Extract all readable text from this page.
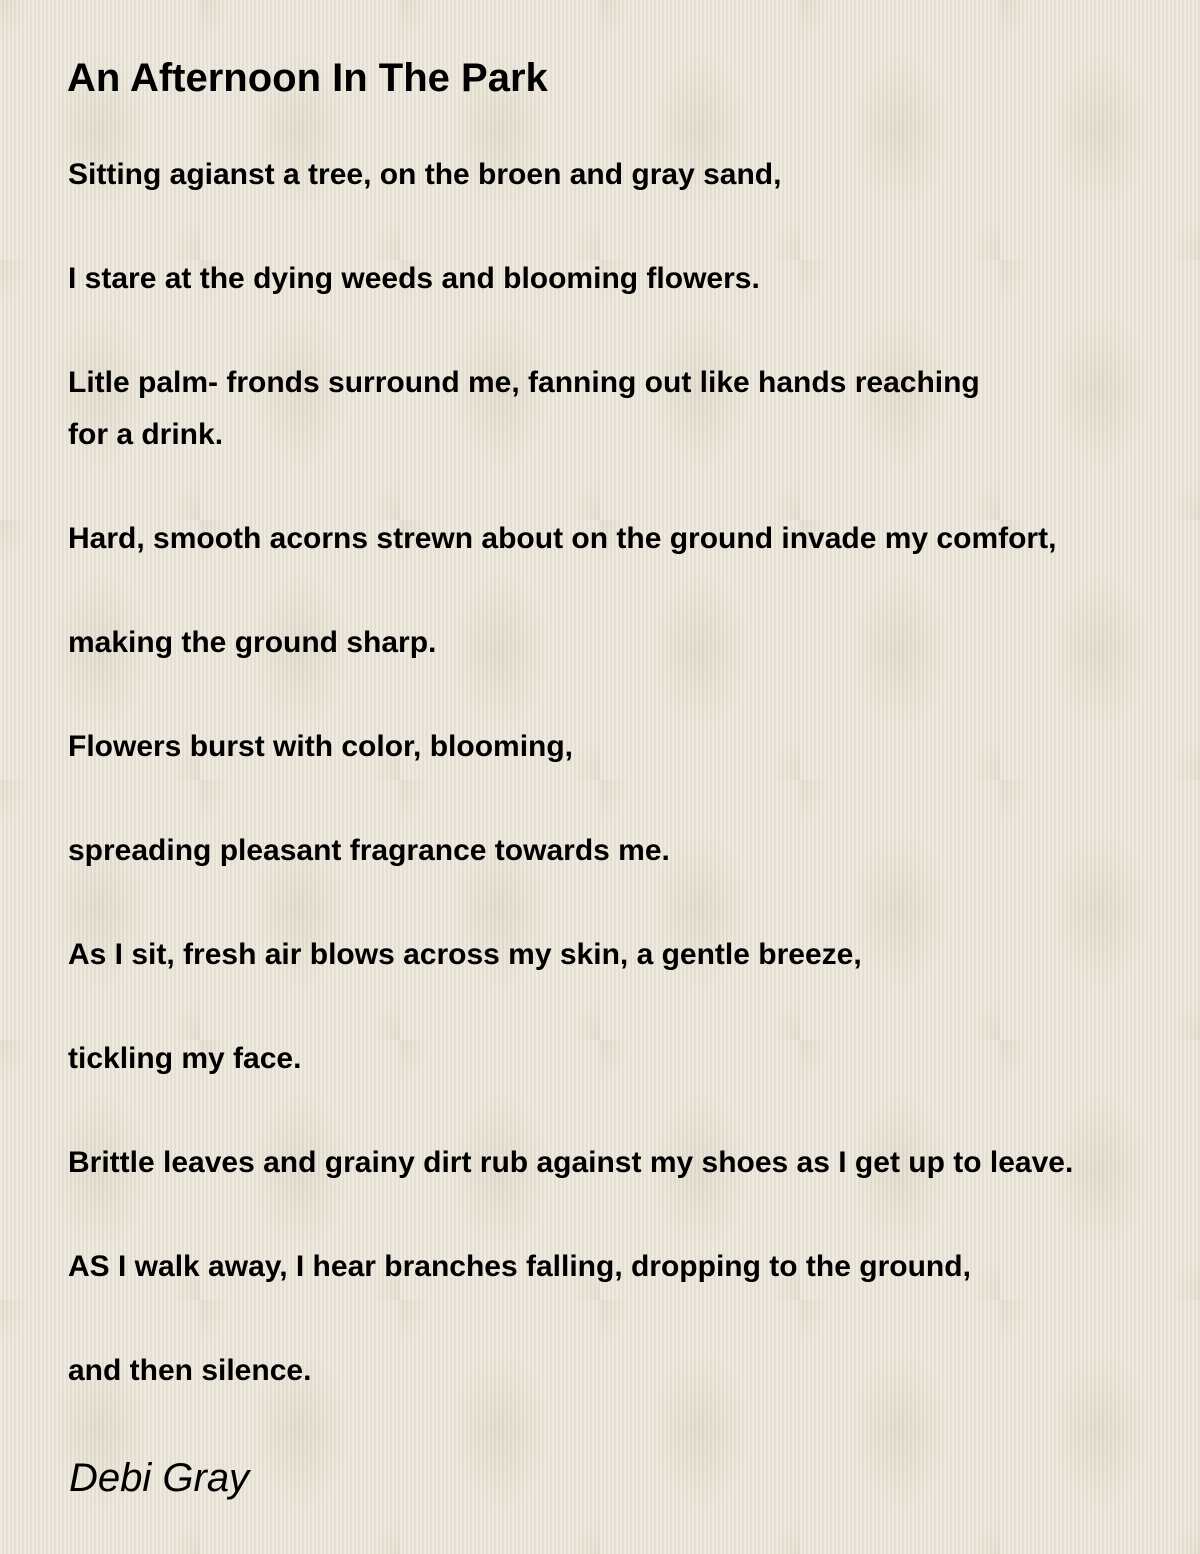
An Afternoon In The Park

Sitting agianst a tree, on the broen and gray sand,

I stare at the dying weeds and blooming flowers.

Litle palm- fronds surround me, fanning out like hands reaching

for a drink.

Hard, smooth acorns strewn about on the ground invade my comfort,

making the ground sharp.

Flowers burst with color, blooming,

spreading pleasant fragrance towards me.

As I sit, fresh air blows across my skin, a gentle breeze,

tickling my face.

Brittle leaves and grainy dirt rub against my shoes as I get up to leave.

AS I walk away, I hear branches falling, dropping to the ground,

and then silence.

Debi Gray
